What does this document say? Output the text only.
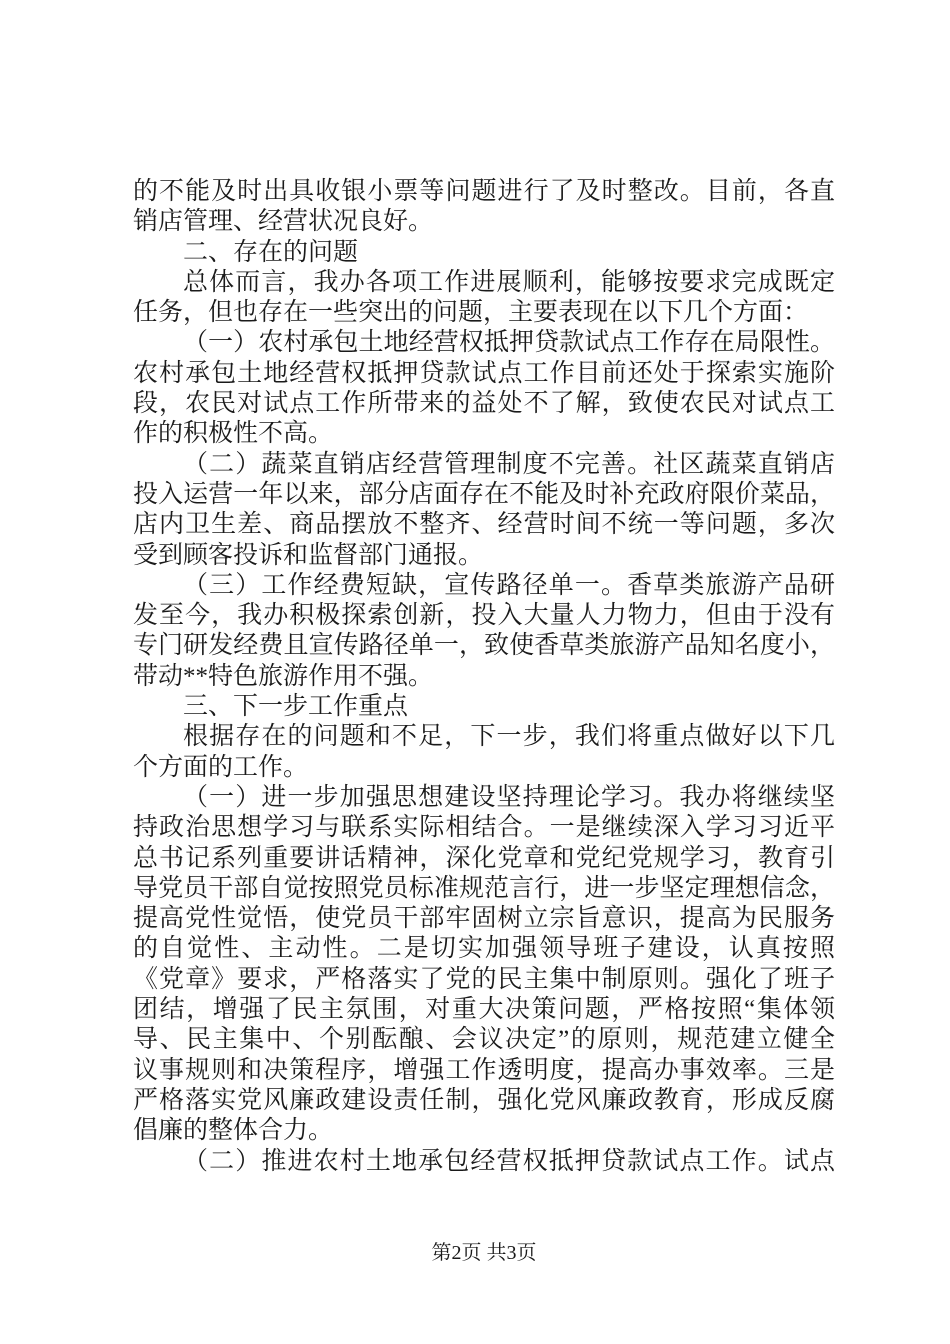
的不能及时出具收银小票等问题进行了及时整改。目前，各直
销店管理、经营状况良好。
二、存在的问题
总体而言，我办各项工作进展顺利，能够按要求完成既定
任务，但也存在一些突出的问题，主要表现在以下几个方面：
（一）农村承包土地经营权抵押贷款试点工作存在局限性。
农村承包土地经营权抵押贷款试点工作目前还处于探索实施阶
段，农民对试点工作所带来的益处不了解，致使农民对试点工
作的积极性不高。
（二）蔬菜直销店经营管理制度不完善。社区蔬菜直销店
投入运营一年以来，部分店面存在不能及时补充政府限价菜品，
店内卫生差、商品摆放不整齐、经营时间不统一等问题，多次
受到顾客投诉和监督部门通报。
（三）工作经费短缺，宣传路径单一。香草类旅游产品研
发至今，我办积极探索创新，投入大量人力物力，但由于没有
专门研发经费且宣传路径单一，致使香草类旅游产品知名度小，
带动**特色旅游作用不强。
三、下一步工作重点
根据存在的问题和不足，下一步，我们将重点做好以下几
个方面的工作。
（一）进一步加强思想建设坚持理论学习。我办将继续坚
持政治思想学习与联系实际相结合。一是继续深入学习习近平
总书记系列重要讲话精神，深化党章和党纪党规学习，教育引
导党员干部自觉按照党员标准规范言行，进一步坚定理想信念，
提高党性觉悟，使党员干部牢固树立宗旨意识，提高为民服务
的自觉性、主动性。二是切实加强领导班子建设，认真按照
《党章》要求，严格落实了党的民主集中制原则。强化了班子
团结，增强了民主氛围，对重大决策问题，严格按照“集体领
导、民主集中、个别酝酿、会议决定”的原则，规范建立健全
议事规则和决策程序，增强工作透明度，提高办事效率。三是
严格落实党风廉政建设责任制，强化党风廉政教育，形成反腐
倡廉的整体合力。
（二）推进农村土地承包经营权抵押贷款试点工作。试点
第2页 共3页
